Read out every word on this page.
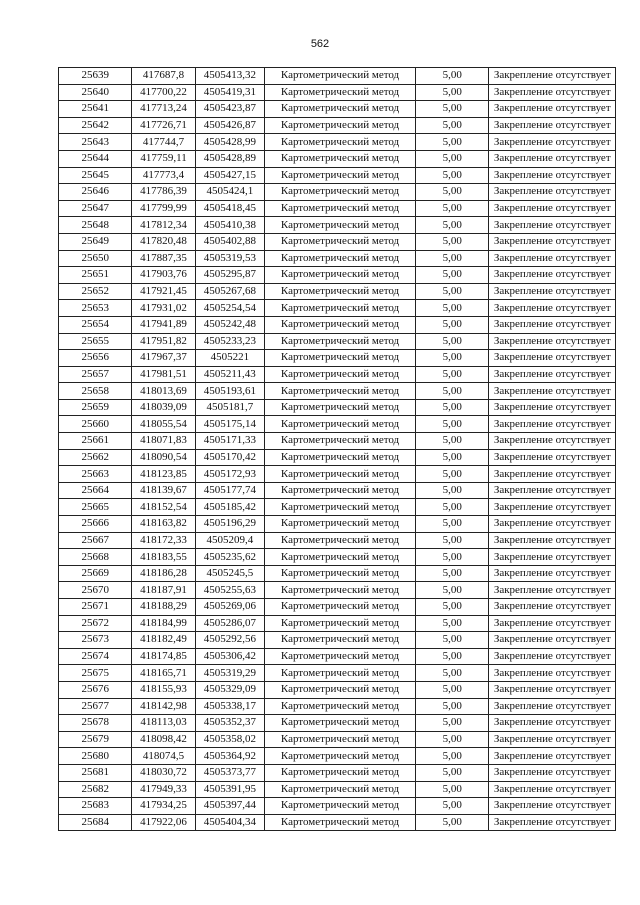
562
25639	417687,8	4505413,32	Картометрический метод	5,00	Закрепление отсутствует
25640	417700,22	4505419,31	Картометрический метод	5,00	Закрепление отсутствует
25641	417713,24	4505423,87	Картометрический метод	5,00	Закрепление отсутствует
25642	417726,71	4505426,87	Картометрический метод	5,00	Закрепление отсутствует
25643	417744,7	4505428,99	Картометрический метод	5,00	Закрепление отсутствует
25644	417759,11	4505428,89	Картометрический метод	5,00	Закрепление отсутствует
25645	417773,4	4505427,15	Картометрический метод	5,00	Закрепление отсутствует
25646	417786,39	4505424,1	Картометрический метод	5,00	Закрепление отсутствует
25647	417799,99	4505418,45	Картометрический метод	5,00	Закрепление отсутствует
25648	417812,34	4505410,38	Картометрический метод	5,00	Закрепление отсутствует
25649	417820,48	4505402,88	Картометрический метод	5,00	Закрепление отсутствует
25650	417887,35	4505319,53	Картометрический метод	5,00	Закрепление отсутствует
25651	417903,76	4505295,87	Картометрический метод	5,00	Закрепление отсутствует
25652	417921,45	4505267,68	Картометрический метод	5,00	Закрепление отсутствует
25653	417931,02	4505254,54	Картометрический метод	5,00	Закрепление отсутствует
25654	417941,89	4505242,48	Картометрический метод	5,00	Закрепление отсутствует
25655	417951,82	4505233,23	Картометрический метод	5,00	Закрепление отсутствует
25656	417967,37	4505221	Картометрический метод	5,00	Закрепление отсутствует
25657	417981,51	4505211,43	Картометрический метод	5,00	Закрепление отсутствует
25658	418013,69	4505193,61	Картометрический метод	5,00	Закрепление отсутствует
25659	418039,09	4505181,7	Картометрический метод	5,00	Закрепление отсутствует
25660	418055,54	4505175,14	Картометрический метод	5,00	Закрепление отсутствует
25661	418071,83	4505171,33	Картометрический метод	5,00	Закрепление отсутствует
25662	418090,54	4505170,42	Картометрический метод	5,00	Закрепление отсутствует
25663	418123,85	4505172,93	Картометрический метод	5,00	Закрепление отсутствует
25664	418139,67	4505177,74	Картометрический метод	5,00	Закрепление отсутствует
25665	418152,54	4505185,42	Картометрический метод	5,00	Закрепление отсутствует
25666	418163,82	4505196,29	Картометрический метод	5,00	Закрепление отсутствует
25667	418172,33	4505209,4	Картометрический метод	5,00	Закрепление отсутствует
25668	418183,55	4505235,62	Картометрический метод	5,00	Закрепление отсутствует
25669	418186,28	4505245,5	Картометрический метод	5,00	Закрепление отсутствует
25670	418187,91	4505255,63	Картометрический метод	5,00	Закрепление отсутствует
25671	418188,29	4505269,06	Картометрический метод	5,00	Закрепление отсутствует
25672	418184,99	4505286,07	Картометрический метод	5,00	Закрепление отсутствует
25673	418182,49	4505292,56	Картометрический метод	5,00	Закрепление отсутствует
25674	418174,85	4505306,42	Картометрический метод	5,00	Закрепление отсутствует
25675	418165,71	4505319,29	Картометрический метод	5,00	Закрепление отсутствует
25676	418155,93	4505329,09	Картометрический метод	5,00	Закрепление отсутствует
25677	418142,98	4505338,17	Картометрический метод	5,00	Закрепление отсутствует
25678	418113,03	4505352,37	Картометрический метод	5,00	Закрепление отсутствует
25679	418098,42	4505358,02	Картометрический метод	5,00	Закрепление отсутствует
25680	418074,5	4505364,92	Картометрический метод	5,00	Закрепление отсутствует
25681	418030,72	4505373,77	Картометрический метод	5,00	Закрепление отсутствует
25682	417949,33	4505391,95	Картометрический метод	5,00	Закрепление отсутствует
25683	417934,25	4505397,44	Картометрический метод	5,00	Закрепление отсутствует
25684	417922,06	4505404,34	Картометрический метод	5,00	Закрепление отсутствует
